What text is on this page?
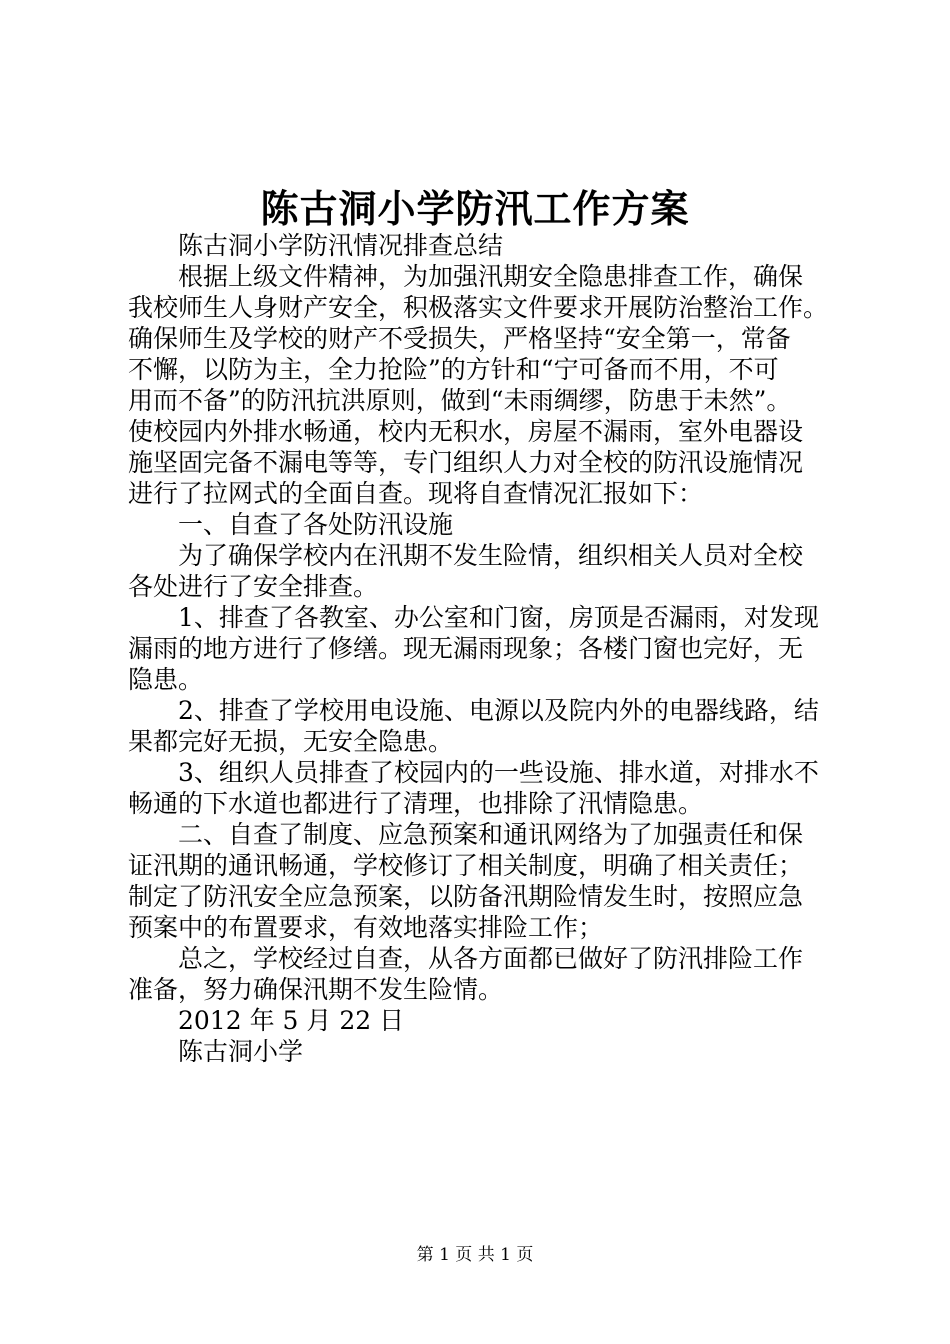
陈古洞小学防汛工作方案
陈古洞小学防汛情况排查总结
根据上级文件精神，为加强汛期安全隐患排查工作，确保
我校师生人身财产安全，积极落实文件要求开展防治整治工作。
确保师生及学校的财产不受损失，严格坚持“安全第一，常备
不懈，以防为主，全力抢险”的方针和“宁可备而不用，不可
用而不备”的防汛抗洪原则，做到“未雨绸缪，防患于未然”。
使校园内外排水畅通，校内无积水，房屋不漏雨，室外电器设
施坚固完备不漏电等等，专门组织人力对全校的防汛设施情况
进行了拉网式的全面自查。现将自查情况汇报如下：
一、自查了各处防汛设施
为了确保学校内在汛期不发生险情，组织相关人员对全校
各处进行了安全排查。
1、排查了各教室、办公室和门窗，房顶是否漏雨，对发现
漏雨的地方进行了修缮。现无漏雨现象；各楼门窗也完好，无
隐患。
2、排查了学校用电设施、电源以及院内外的电器线路，结
果都完好无损，无安全隐患。
3、组织人员排查了校园内的一些设施、排水道，对排水不
畅通的下水道也都进行了清理，也排除了汛情隐患。
二、自查了制度、应急预案和通讯网络为了加强责任和保
证汛期的通讯畅通，学校修订了相关制度，明确了相关责任；
制定了防汛安全应急预案，以防备汛期险情发生时，按照应急
预案中的布置要求，有效地落实排险工作；
总之，学校经过自查，从各方面都已做好了防汛排险工作
准备，努力确保汛期不发生险情。
2012 年 5 月 22 日
陈古洞小学
第 1 页 共 1 页
